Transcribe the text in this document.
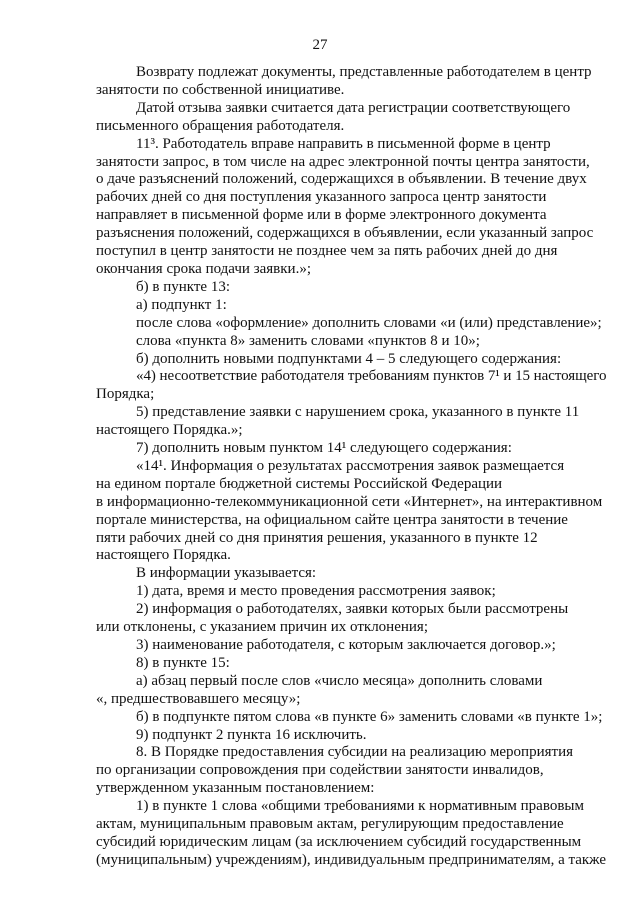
27
Возврату подлежат документы, представленные работодателем в центр
занятости по собственной инициативе.
Датой отзыва заявки считается дата регистрации соответствующего
письменного обращения работодателя.
11³. Работодатель вправе направить в письменной форме в центр
занятости запрос, в том числе на адрес электронной почты центра занятости,
о даче разъяснений положений, содержащихся в объявлении. В течение двух
рабочих дней со дня поступления указанного запроса центр занятости
направляет в письменной форме или в форме электронного документа
разъяснения положений, содержащихся в объявлении, если указанный запрос
поступил в центр занятости не позднее чем за пять рабочих дней до дня
окончания срока подачи заявки.»;
б) в пункте 13:
а) подпункт 1:
после слова «оформление» дополнить словами «и (или) представление»;
слова «пункта 8» заменить словами «пунктов 8 и 10»;
б) дополнить новыми подпунктами 4 – 5 следующего содержания:
«4) несоответствие работодателя требованиям пунктов 7¹ и 15 настоящего
Порядка;
5) представление заявки с нарушением срока, указанного в пункте 11
настоящего Порядка.»;
7) дополнить новым пунктом 14¹ следующего содержания:
«14¹. Информация о результатах рассмотрения заявок размещается
на едином портале бюджетной системы Российской Федерации
в информационно-телекоммуникационной сети «Интернет», на интерактивном
портале министерства, на официальном сайте центра занятости в течение
пяти рабочих дней со дня принятия решения, указанного в пункте 12
настоящего Порядка.
В информации указывается:
1) дата, время и место проведения рассмотрения заявок;
2) информация о работодателях, заявки которых были рассмотрены
или отклонены, с указанием причин их отклонения;
3) наименование работодателя, с которым заключается договор.»;
8) в пункте 15:
а) абзац первый после слов «число месяца» дополнить словами
«, предшествовавшего месяцу»;
б) в подпункте пятом слова «в пункте 6» заменить словами «в пункте 1»;
9) подпункт 2 пункта 16 исключить.
8. В Порядке предоставления субсидии на реализацию мероприятия
по организации сопровождения при содействии занятости инвалидов,
утвержденном указанным постановлением:
1) в пункте 1 слова «общими требованиями к нормативным правовым
актам, муниципальным правовым актам, регулирующим предоставление
субсидий юридическим лицам (за исключением субсидий государственным
(муниципальным) учреждениям), индивидуальным предпринимателям, а также
